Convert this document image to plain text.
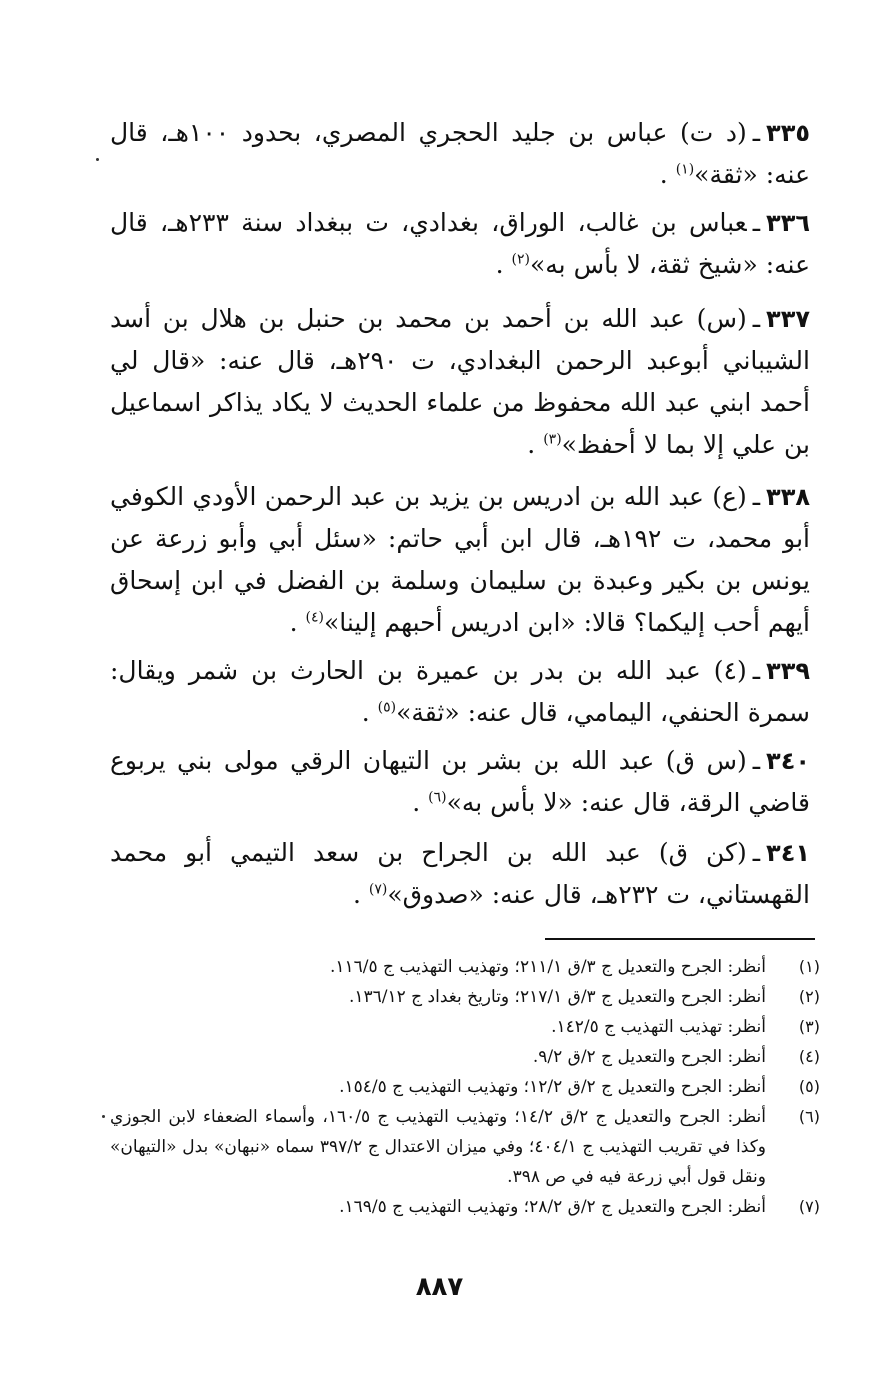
٣٣٥ـ(د ت) عباس بن جليد الحجري المصري، بحدود ١٠٠هـ، قال عنه: «ثقة»$^{(١)}$ .
٣٣٦ـعباس بن غالب، الوراق، بغدادي، ت ببغداد سنة ٢٣٣هـ، قال عنه: «شيخ ثقة، لا بأس به»$^{(٢)}$ .
٣٣٧ـ(س) عبد الله بن أحمد بن محمد بن حنبل بن هلال بن أسد الشيباني أبوعبد الرحمن البغدادي، ت ٢٩٠هـ، قال عنه: «قال لي أحمد ابني عبد الله محفوظ من علماء الحديث لا يكاد يذاكر اسماعيل بن علي إلا بما لا أحفظ»$^{(٣)}$ .
٣٣٨ـ(ع) عبد الله بن ادريس بن يزيد بن عبد الرحمن الأودي الكوفي أبو محمد، ت ١٩٢هـ، قال ابن أبي حاتم: «سئل أبي وأبو زرعة عن يونس بن بكير وعبدة بن سليمان وسلمة بن الفضل في ابن إسحاق أيهم أحب إليكما؟ قالا: «ابن ادريس أحبهم إلينا»$^{(٤)}$ .
٣٣٩ـ(٤) عبد الله بن بدر بن عميرة بن الحارث بن شمر ويقال: سمرة الحنفي، اليمامي، قال عنه: «ثقة»$^{(٥)}$ .
٣٤٠ـ(س ق) عبد الله بن بشر بن التيهان الرقي مولى بني يربوع قاضي الرقة، قال عنه: «لا بأس به»$^{(٦)}$ .
٣٤١ـ(كن ق) عبد الله بن الجراح بن سعد التيمي أبو محمد القهستاني، ت ٢٣٢هـ، قال عنه: «صدوق»$^{(٧)}$ .
(١)
أنظر: الجرح والتعديل ج ٣/ق ٢١١/١؛ وتهذيب التهذيب ج ١١٦/٥.
(٢)
أنظر: الجرح والتعديل ج ٣/ق ٢١٧/١؛ وتاريخ بغداد ج ١٣٦/١٢.
(٣)
أنظر: تهذيب التهذيب ج ١٤٢/٥.
(٤)
أنظر: الجرح والتعديل ج ٢/ق ٩/٢.
(٥)
أنظر: الجرح والتعديل ج ٢/ق ١٢/٢؛ وتهذيب التهذيب ج ١٥٤/٥.
(٦)
أنظر: الجرح والتعديل ج ٢/ق ١٤/٢؛ وتهذيب التهذيب ج ١٦٠/٥، وأسماء الضعفاء لابن الجوزي وكذا في تقريب التهذيب ج ٤٠٤/١؛ وفي ميزان الاعتدال ج ٣٩٧/٢ سماه «نبهان» بدل «التيهان» ونقل قول أبي زرعة فيه في ص ٣٩٨.
(٧)
أنظر: الجرح والتعديل ج ٢/ق ٢٨/٢؛ وتهذيب التهذيب ج ١٦٩/٥.
٨٨٧
